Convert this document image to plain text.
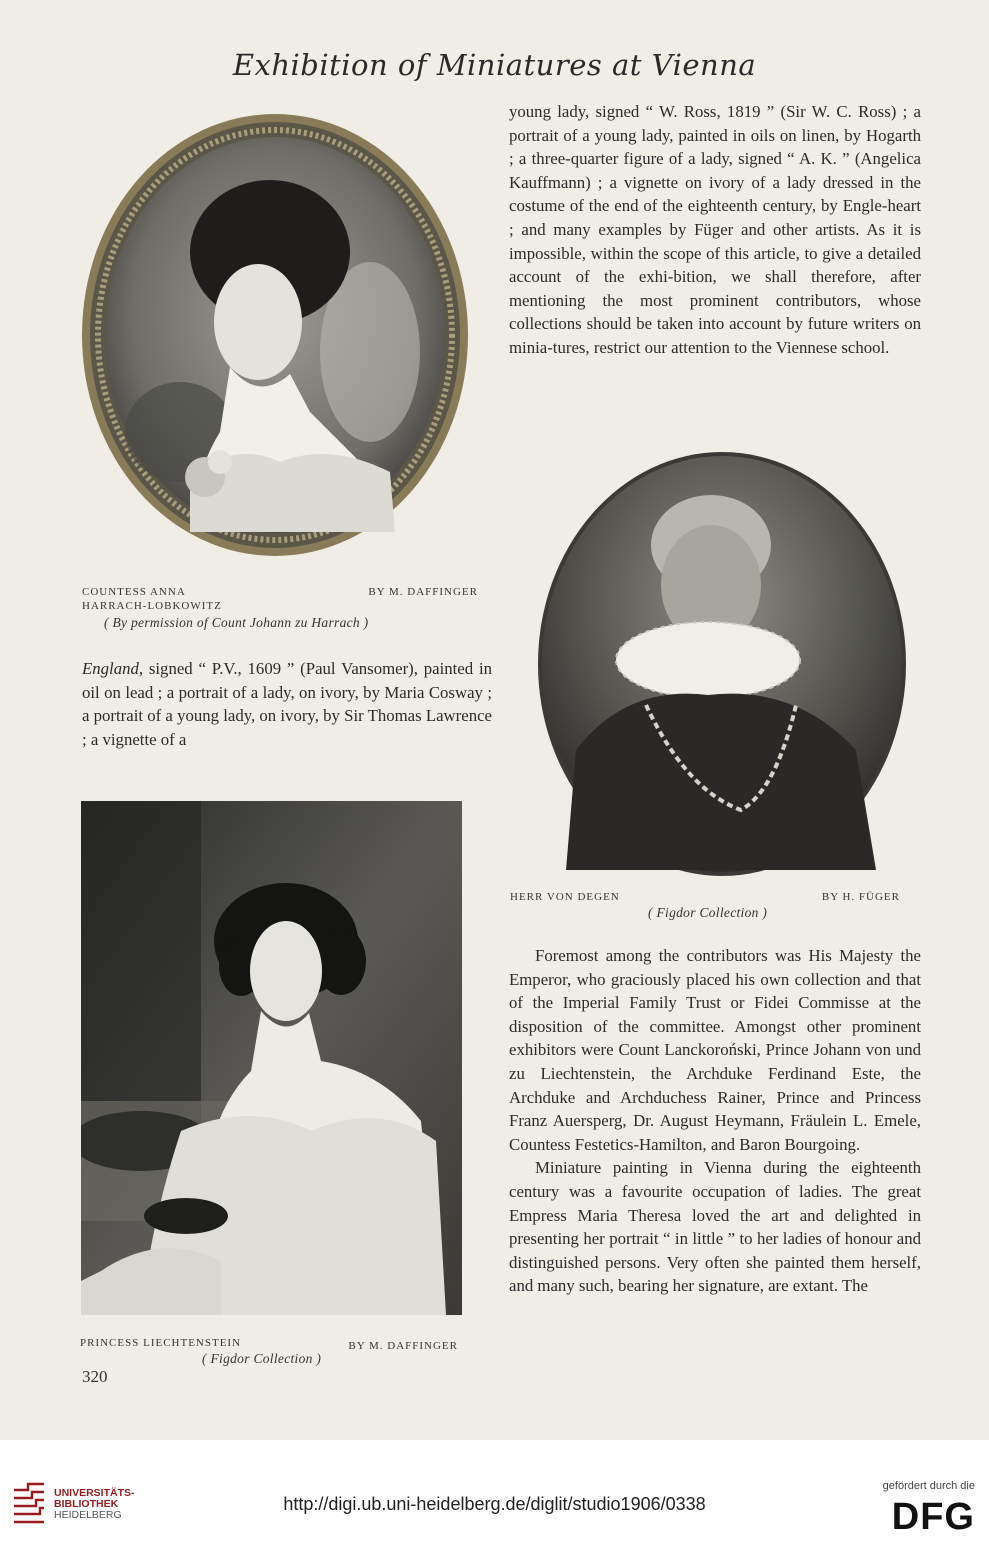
Exhibition of Miniatures at Vienna
COUNTESS ANNA	BY M. DAFFINGER
HARRACH-LOBKOWITZ
( By permission of Count Johann zu Harrach )

England, signed “ P.V., 1609 ” (Paul Vansomer), painted in oil on lead ; a portrait of a lady, on ivory, by Maria Cosway ; a portrait of a young lady, on ivory, by Sir Thomas Lawrence ; a vignette of a

PRINCESS LIECHTENSTEIN	BY M. DAFFINGER
( Figdor Collection )
320

young lady, signed “ W. Ross, 1819 ” (Sir W. C. Ross) ; a portrait of a young lady, painted in oils on linen, by Hogarth ; a three-quarter figure of a lady, signed “ A. K. ” (Angelica Kauffmann) ; a vignette on ivory of a lady dressed in the costume of the end of the eighteenth century, by Engle-heart ; and many examples by Füger and other artists. As it is impossible, within the scope of this article, to give a detailed account of the exhi-bition, we shall therefore, after mentioning the most prominent contributors, whose collections should be taken into account by future writers on minia-tures, restrict our attention to the Viennese school.

HERR VON DEGEN	BY H. FÜGER
( Figdor Collection )

Foremost among the contributors was His Majesty the Emperor, who graciously placed his own collection and that of the Imperial Family Trust or Fidei Commisse at the disposition of the committee. Amongst other prominent exhibitors were Count Lanckoroński, Prince Johann von und zu Liechtenstein, the Archduke Ferdinand Este, the Archduke and Archduchess Rainer, Prince and Princess Franz Auersperg, Dr. August Heymann, Fräulein L. Emele, Countess Festetics-Hamilton, and Baron Bourgoing.

Miniature painting in Vienna during the eighteenth century was a favourite occupation of ladies. The great Empress Maria Theresa loved the art and delighted in presenting her portrait “ in little ” to her ladies of honour and distinguished persons. Very often she painted them herself, and many such, bearing her signature, are extant. The

UNIVERSITÄTS-
BIBLIOTHEK
HEIDELBERG
http://digi.ub.uni-heidelberg.de/diglit/studio1906/0338
gefördert durch die
DFG
